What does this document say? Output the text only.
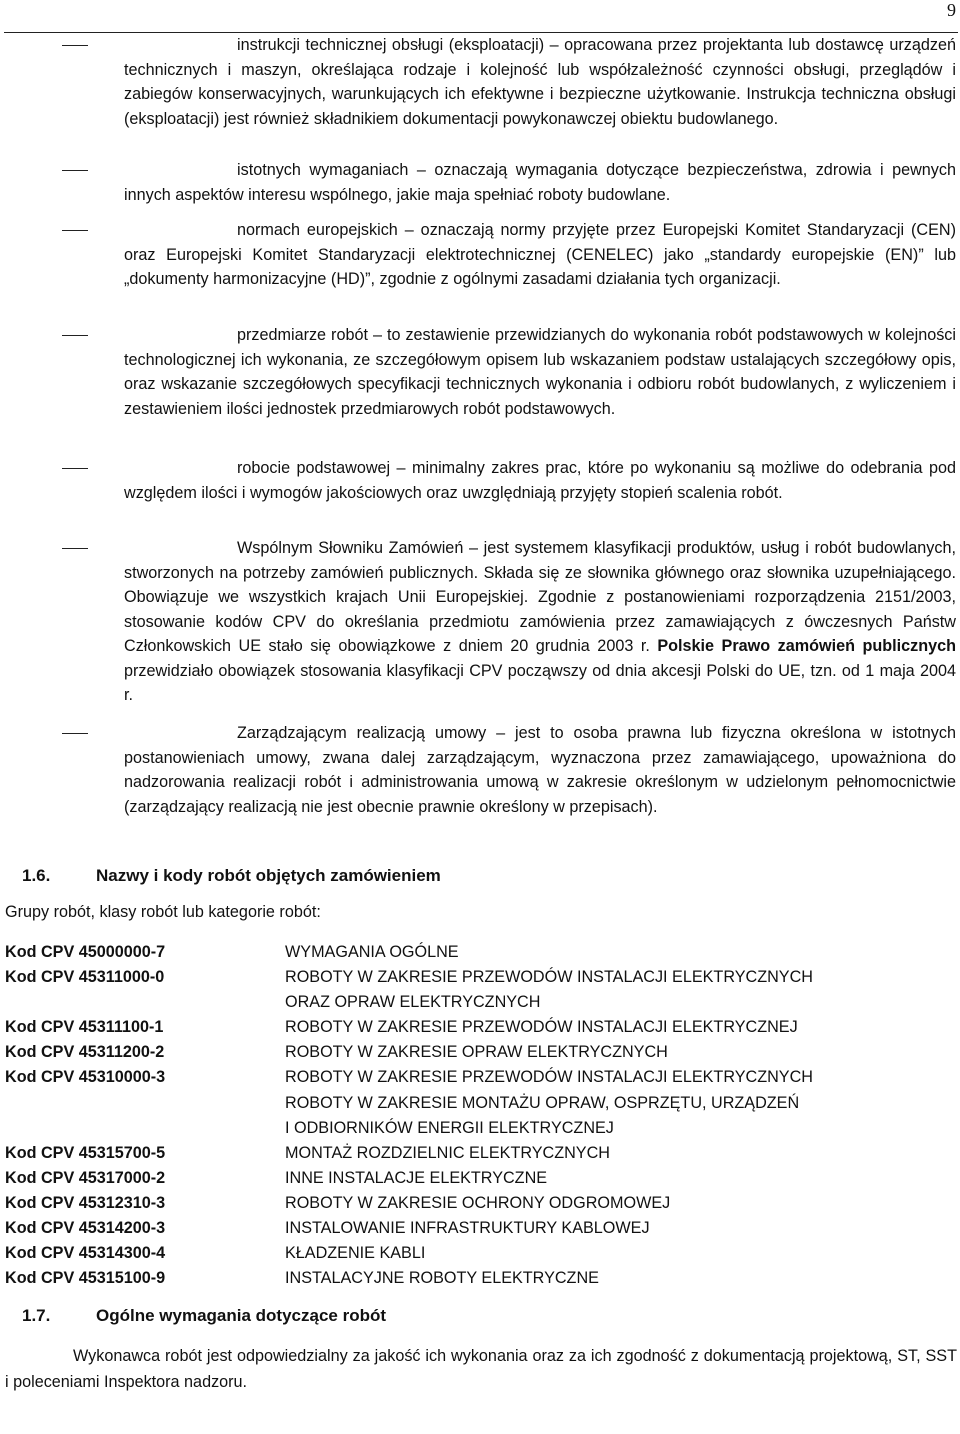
9
instrukcji technicznej obsługi (eksploatacji) – opracowana przez projektanta lub dostawcę urządzeń technicznych i maszyn, określająca rodzaje i kolejność lub współzależność czynności obsługi, przeglądów i zabiegów konserwacyjnych, warunkujących ich efektywne i bezpieczne użytkowanie. Instrukcja techniczna obsługi (eksploatacji) jest również składnikiem dokumentacji powykonawczej obiektu budowlanego.
istotnych wymaganiach – oznaczają wymagania dotyczące bezpieczeństwa, zdrowia i pewnych innych aspektów interesu wspólnego, jakie maja spełniać roboty budowlane.
normach europejskich – oznaczają normy przyjęte przez Europejski Komitet Standaryzacji (CEN) oraz Europejski Komitet Standaryzacji elektrotechnicznej (CENELEC) jako „standardy europejskie (EN)” lub „dokumenty harmonizacyjne (HD)”, zgodnie z ogólnymi zasadami działania tych organizacji.
przedmiarze robót – to zestawienie przewidzianych do wykonania robót podstawowych w kolejności technologicznej ich wykonania, ze szczegółowym opisem lub wskazaniem podstaw ustalających szczegółowy opis, oraz wskazanie szczegółowych specyfikacji technicznych wykonania i odbioru robót budowlanych, z wyliczeniem i zestawieniem ilości jednostek przedmiarowych robót podstawowych.
robocie podstawowej – minimalny zakres prac, które po wykonaniu są możliwe do odebrania pod względem ilości i wymogów jakościowych oraz uwzględniają przyjęty stopień scalenia robót.
Wspólnym Słowniku Zamówień – jest systemem klasyfikacji produktów, usług i robót budowlanych, stworzonych na potrzeby zamówień publicznych. Składa się ze słownika głównego oraz słownika uzupełniającego. Obowiązuje we wszystkich krajach Unii Europejskiej. Zgodnie z postanowieniami rozporządzenia 2151/2003, stosowanie kodów CPV do określania przedmiotu zamówienia przez zamawiających z ówczesnych Państw Członkowskich UE stało się obowiązkowe z dniem 20 grudnia 2003 r. Polskie Prawo zamówień publicznych przewidziało obowiązek stosowania klasyfikacji CPV począwszy od dnia akcesji Polski do UE, tzn. od 1 maja 2004 r.
Zarządzającym realizacją umowy – jest to osoba prawna lub fizyczna określona w istotnych postanowieniach umowy, zwana dalej zarządzającym, wyznaczona przez zamawiającego, upoważniona do nadzorowania realizacji robót i administrowania umową w zakresie określonym w udzielonym pełnomocnictwie (zarządzający realizacją nie jest obecnie prawnie określony w przepisach).
1.6.	Nazwy i kody robót objętych zamówieniem
Grupy robót, klasy robót lub kategorie robót:
Kod CPV 45000000-7	WYMAGANIA OGÓLNE
Kod CPV 45311000-0	ROBOTY W ZAKRESIE PRZEWODÓW INSTALACJI ELEKTRYCZNYCH
ORAZ OPRAW ELEKTRYCZNYCH
Kod CPV 45311100-1	ROBOTY W ZAKRESIE PRZEWODÓW INSTALACJI ELEKTRYCZNEJ
Kod CPV 45311200-2	ROBOTY W ZAKRESIE OPRAW ELEKTRYCZNYCH
Kod CPV 45310000-3	ROBOTY W ZAKRESIE PRZEWODÓW INSTALACJI ELEKTRYCZNYCH
ROBOTY W ZAKRESIE MONTAŻU OPRAW, OSPRZĘTU, URZĄDZEŃ
I ODBIORNIKÓW ENERGII ELEKTRYCZNEJ
Kod CPV 45315700-5	MONTAŻ ROZDZIELNIC ELEKTRYCZNYCH
Kod CPV 45317000-2	INNE INSTALACJE ELEKTRYCZNE
Kod CPV 45312310-3	ROBOTY W ZAKRESIE OCHRONY ODGROMOWEJ
Kod CPV 45314200-3	INSTALOWANIE INFRASTRUKTURY KABLOWEJ
Kod CPV 45314300-4	KŁADZENIE KABLI
Kod CPV 45315100-9	INSTALACYJNE ROBOTY ELEKTRYCZNE
1.7.	Ogólne wymagania dotyczące robót
Wykonawca robót jest odpowiedzialny za jakość ich wykonania oraz za ich zgodność z dokumentacją projektową, ST, SST i poleceniami Inspektora nadzoru.
